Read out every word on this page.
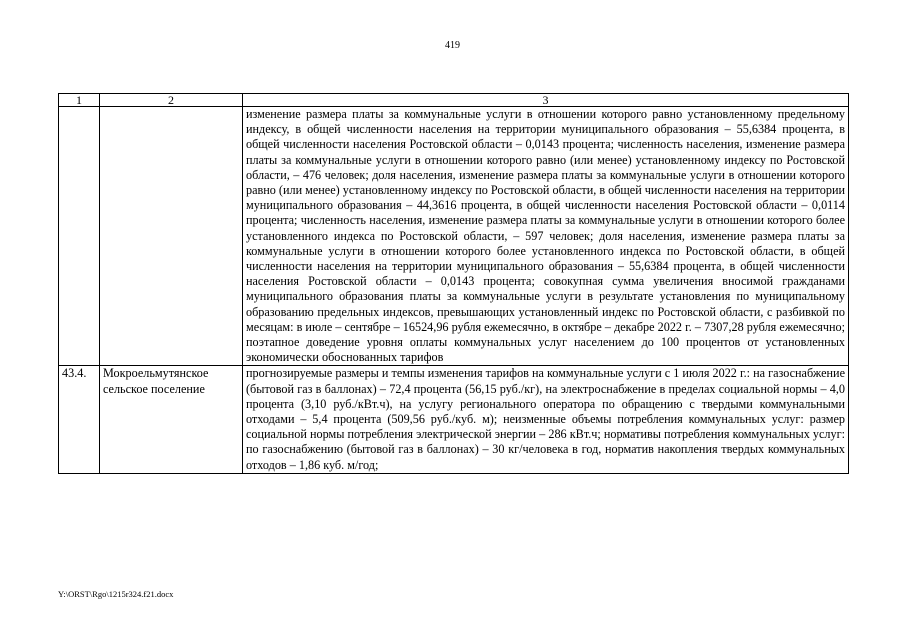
419
1	2	3
		изменение размера платы за коммунальные услуги в отношении которого равно установленному предельному индексу, в общей численности населения на территории муниципального образования – 55,6384 процента, в общей численности населения Ростовской области – 0,0143 процента; численность населения, изменение размера платы за коммунальные услуги в отношении которого равно (или менее) установленному индексу по Ростовской области, – 476 человек; доля населения, изменение размера платы за коммунальные услуги в отношении которого равно (или менее) установленному индексу по Ростовской области, в общей численности населения на территории муниципального образования – 44,3616 процента, в общей численности населения Ростовской области – 0,0114 процента; численность населения, изменение размера платы за коммунальные услуги в отношении которого более установленного индекса по Ростовской области, – 597 человек; доля населения, изменение размера платы за коммунальные услуги в отношении которого более установленного индекса по Ростовской области, в общей численности населения на территории муниципального образования – 55,6384 процента, в общей численности населения Ростовской области – 0,0143 процента; совокупная сумма увеличения вносимой гражданами муниципального образования платы за коммунальные услуги в результате установления по муниципальному образованию предельных индексов, превышающих установленный индекс по Ростовской области, с разбивкой по месяцам: в июле – сентябре – 16524,96 рубля ежемесячно, в октябре – декабре 2022 г. – 7307,28 рубля ежемесячно; поэтапное доведение уровня оплаты коммунальных услуг населением до 100 процентов от установленных экономически обоснованных тарифов
43.4.	Мокроельмутянское сельское поселение	прогнозируемые размеры и темпы изменения тарифов на коммунальные услуги с 1 июля 2022 г.: на газоснабжение (бытовой газ в баллонах) – 72,4 процента (56,15 руб./кг), на электроснабжение в пределах социальной нормы – 4,0 процента (3,10 руб./кВт.ч), на услугу регионального оператора по обращению с твердыми коммунальными отходами – 5,4 процента (509,56 руб./куб. м); неизменные объемы потребления коммунальных услуг: размер социальной нормы потребления электрической энергии – 286 кВт.ч; нормативы потребления коммунальных услуг: по газоснабжению (бытовой газ в баллонах) – 30 кг/человека в год, норматив накопления твердых коммунальных отходов – 1,86 куб. м/год;
Y:\ORST\Rgo\1215r324.f21.docx
